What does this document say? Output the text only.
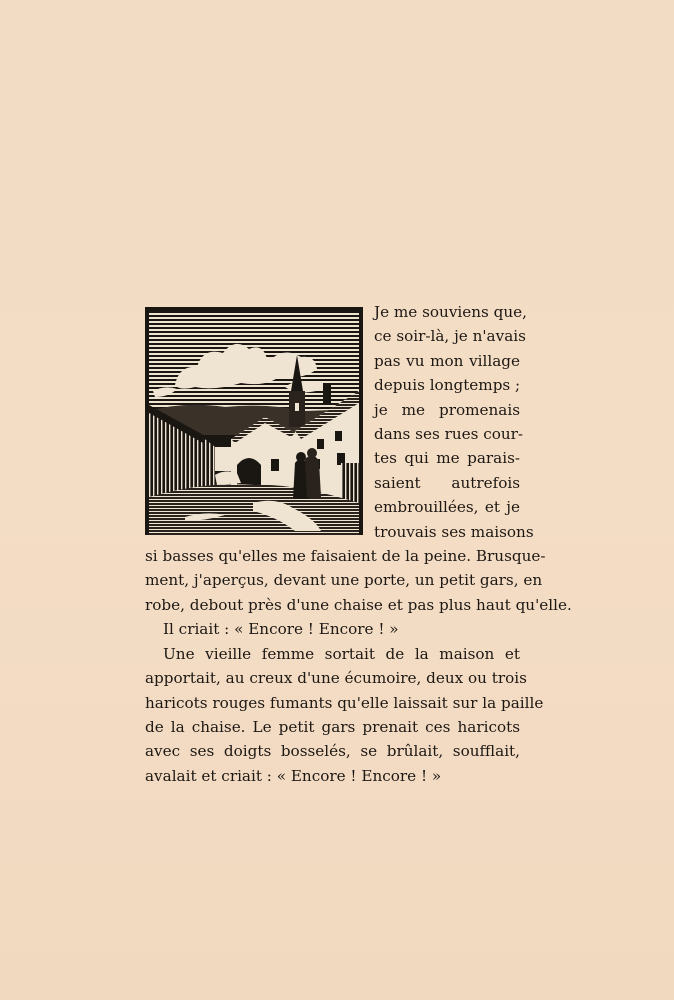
Je me souviens que,
ce soir-là, je n'avais
pas vu mon village
depuis longtemps ;
je me promenais
dans ses rues cour-
tes qui me parais-
saient autrefois
embrouillées, et je
trouvais ses maisons
si basses qu'elles me faisaient de la peine. Brusque-
ment, j'aperçus, devant une porte, un petit gars, en
robe, debout près d'une chaise et pas plus haut qu'elle.
Il criait : « Encore ! Encore ! »
Une vieille femme sortait de la maison et
apportait, au creux d'une écumoire, deux ou trois
haricots rouges fumants qu'elle laissait sur la paille
de la chaise. Le petit gars prenait ces haricots
avec ses doigts bosselés, se brûlait, soufflait,
avalait et criait : « Encore ! Encore ! »
